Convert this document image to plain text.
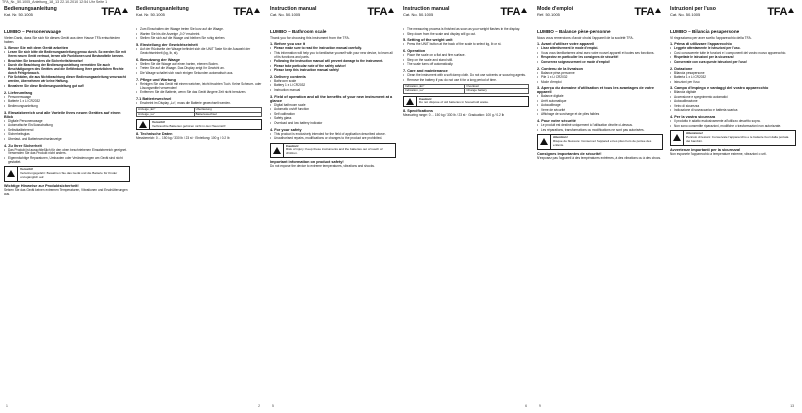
TFA_Nr._50.1005_Anleitung_18_13 22.10.2010 12:54 Uhr Seite 1
Bedienungsanleitung
Kat. Nr. 50.1005	TFA
LUMBO – Personenwaage
Vielen Dank, dass Sie sich für dieses Gerät aus dem Hause TFA entschieden haben.
1. Bevor Sie mit dem Gerät arbeiten
• Lesen Sie sich bitte die Bedienungsanleitung genau durch. So werden Sie mit Ihrem neuen Gerät vertraut, lernen alle Funktionen und Bestandteile kennen.
• Beachten Sie besonders die Sicherheitshinweise!
• Durch die Beachtung der Bedienungsanleitung vermeiden Sie auch Beschädigungen des Gerätes und die Gefährdung Ihrer gesetzlichen Rechte durch Fehlgebrauch.
• Für Schäden, die aus Nichtbeachtung dieser Bedienungsanleitung verursacht werden, übernehmen wir keine Haftung.
• Bewahren Sie diese Bedienungsanleitung gut auf!
2. Lieferumfang
• Personenwaage
• Batterie 1 x Li CR2032
• Bedienungsanleitung
3. Einsatzbereich und alle Vorteile Ihres neuen Gerätes auf einen Blick
• Digitale Personenwaage
• Automatische Ein/Ausschaltung
• Selbstkalibrierend
• Sicherheitsglas
• Überlast- und Batteriewechselanzeige
4. Zu Ihrer Sicherheit
• Das Produkt ist ausschließlich für den oben beschriebenen Einsatzbereich geeignet. Verwenden Sie das Produkt nicht anders.
• Eigenmächtige Reparaturen, Umbauten oder Veränderungen am Gerät sind nicht gestattet.
Vorsicht!
Verletzungsgefahr: Bewahren Sie das Gerät und die Batterie für Kinder unzugänglich auf.
Wichtige Hinweise zur Produktsicherheit!
Setzen Sie das Gerät keinen extremen Temperaturen, Vibrationen und Erschütterungen aus.
1
Bedienungsanleitung
Kat. Nr. 50.1005	TFA
• Zum Einschalten der Waage treten Sie kurz auf die Waage.
• Warten Sie bis die Anzeige „0.0“ erscheint.
• Stellen Sie sich auf die Waage und bleiben Sie ruhig stehen.
5. Einstellung der Gewichtseinheit
• Auf der Rückseite der Waage befindet sich die UNIT Taste für die Auswahl der Gewichtseinheit (kg, lb, st).
6. Benutzung der Waage
• Stellen Sie die Waage auf einen harten, ebenen Boden.
• Treten Sie auf die Waage. Das Display zeigt Ihr Gewicht an.
• Die Waage schaltet sich nach einigen Sekunden automatisch aus.
7. Pflege und Wartung
• Reinigen Sie das Gerät mit einem weichen, leicht feuchten Tuch. Keine Scheuer- oder Lösungsmittel verwenden!
• Entfernen Sie die Batterie, wenn Sie das Gerät längere Zeit nicht benutzen.
7.1 Batteriewechsel
• Erscheint im Display „Lo“, muss die Batterie gewechselt werden.
Anzeige „Err“	Überlastung
Anzeige „Lo“	Batteriewechsel
Vorsicht!
Verbrauchte Batterien gehören nicht in den Hausmüll!
8. Technische Daten
Messbereich: 0 ... 150 kg / 330 lb / 23 st · Einteilung: 100 g / 0.2 lb
2
Instruction manual
Cat. No. 50.1005	TFA
LUMBO – Bathroom scale
Thank you for choosing this instrument from the TFA.
1. Before you use it
• Please make sure to read the instruction manual carefully.
• This information will help you to familiarise yourself with your new device, to learn all of its functions and parts.
• Following the instruction manual will prevent damage to the instrument.
• Please take particular note of the safety advice!
• Please keep this instruction manual safely!
2. Delivery contents
• Bathroom scale
• Battery 1 x Li CR2032
• Instruction manual
3. Field of operation and all the benefits of your new instrument at a glance
• Digital bathroom scale
• Automatic on/off function
• Self calibration
• Safety glass
• Overload and low battery indicator
4. For your safety
• This product is exclusively intended for the field of application described above.
• Unauthorised repairs, modifications or changes to the product are prohibited.
Caution!
Risk of injury: Keep these instruments and the batteries out of reach of children.
Important information on product safety!
Do not expose the device to extreme temperatures, vibrations and shocks.
5
Instruction manual
Cat. No. 50.1005	TFA
• The measuring process is finished as soon as your weight flashes in the display.
• Step down from the scale and display will go out.
5. Setting of the weight unit
• Press the UNIT button at the back of the scale to select kg, lb or st.
6. Operation
• Place the scale on a flat and firm surface.
• Step on the scale and stand still.
• The scale turns off automatically.
7. Care and maintenance
• Clean the instrument with a soft damp cloth. Do not use solvents or scouring agents.
• Remove the battery if you do not use it for a long period of time.
Indication „Err“	Overload
Indication „Lo“	Change battery
Caution!
Do not dispose of old batteries in household waste.
8. Specifications
Measuring range: 0 ... 150 kg / 330 lb / 23 st · Graduation: 100 g / 0.2 lb
6
Mode d'emploi
Réf. 50.1005	TFA
LUMBO – Balance pèse-personne
Nous vous remercions d'avoir choisi l'appareil de la société TFA.
1. Avant d'utiliser votre appareil
• Lisez attentivement le mode d'emploi.
• Vous vous familiariserez ainsi avec votre nouvel appareil et toutes ses fonctions.
• Respectez en particulier les consignes de sécurité!
• Conservez soigneusement ce mode d'emploi!
2. Contenu de la livraison
• Balance pèse-personne
• Pile 1 x Li CR2032
• Mode d'emploi
3. Aperçu du domaine d'utilisation et tous les avantages de votre appareil
• Balance digitale
• Arrêt automatique
• Autocalibrage
• Verre de sécurité
• Affichage de surcharge et de piles faibles
4. Pour votre sécurité
• Le produit est destiné uniquement à l'utilisation décrite ci-dessus.
• Les réparations, transformations ou modifications ne sont pas autorisées.
Attention!
Risque de blessure: Conservez l'appareil et les piles hors de portée des enfants.
Consignes importantes de sécurité!
N'exposez pas l'appareil à des températures extrêmes, à des vibrations ou à des chocs.
9
Istruzioni per l'uso
Cat. No. 50.1005	TFA
LUMBO – Bilancia pesapersone
Vi ringraziamo per aver scelto l'apparecchio della TFA.
1. Prima di utilizzare l'apparecchio
• Leggete attentamente le istruzioni per l'uso.
• Così conoscerete tutte le funzioni e i componenti del vostro nuovo apparecchio.
• Rispettate le istruzioni per la sicurezza!
• Conservate con cura queste istruzioni per l'uso!
2. Dotazione
• Bilancia pesapersone
• Batteria 1 x Li CR2032
• Istruzioni per l'uso
3. Campo d'impiego e vantaggi del vostro apparecchio
• Bilancia digitale
• Accensione e spegnimento automatici
• Autocalibrazione
• Vetro di sicurezza
• Indicazione di sovraccarico e batteria scarica
4. Per la vostra sicurezza
• Il prodotto è adatto esclusivamente all'utilizzo descritto sopra.
• Non sono consentite riparazioni, modifiche o trasformazioni non autorizzate.
Attenzione!
Pericolo di lesioni: Conservate l'apparecchio e le batterie fuori dalla portata dei bambini.
Avvertenze importanti per la sicurezza!
Non esponete l'apparecchio a temperature estreme, vibrazioni o urti.
13
